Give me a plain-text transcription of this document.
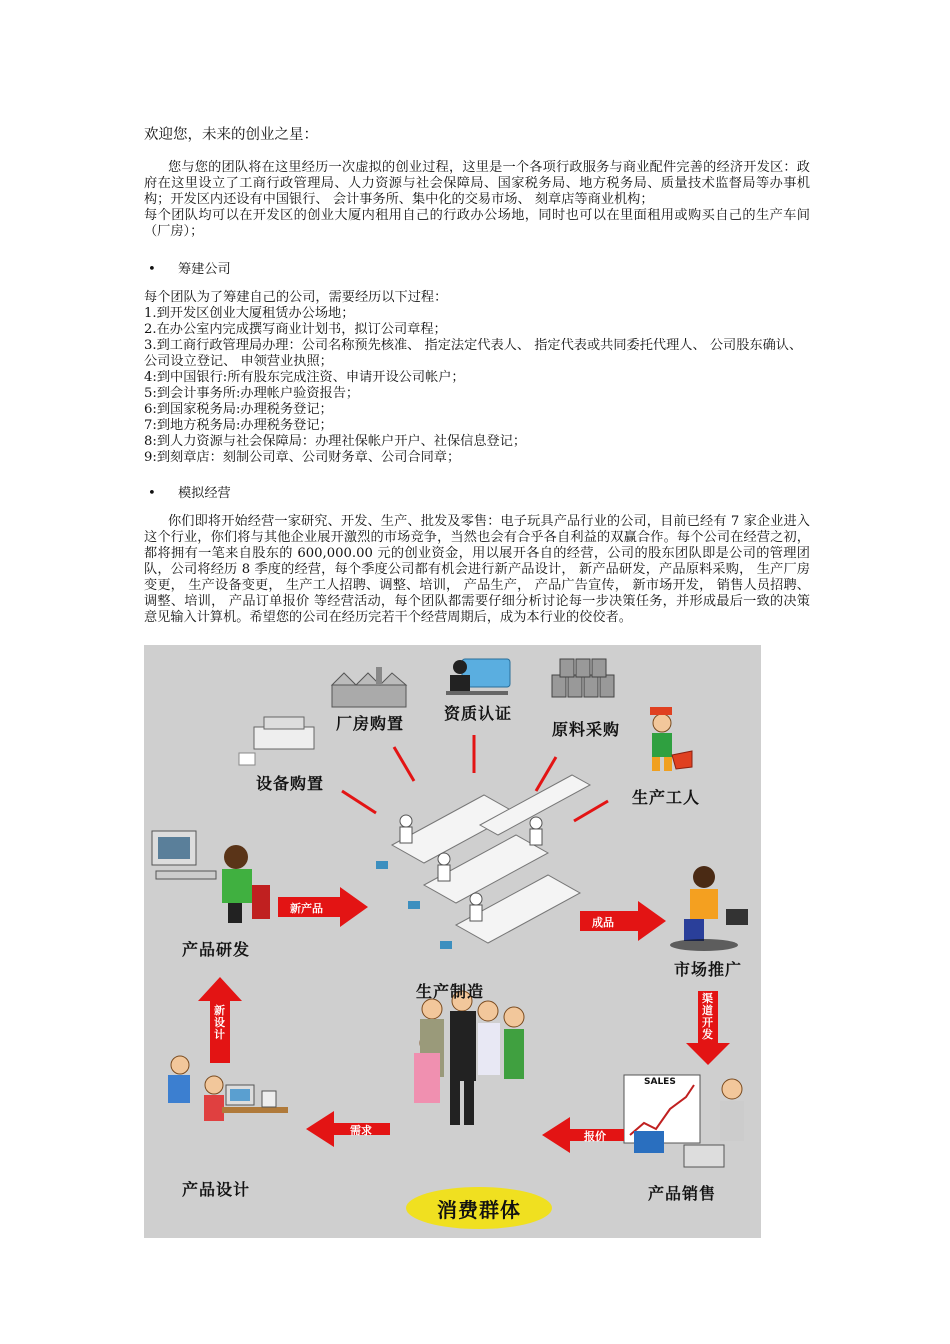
欢迎您，未来的创业之星：

您与您的团队将在这里经历一次虚拟的创业过程，这里是一个各项行政服务与商业配件完善的经济开发区：政府在这里设立了工商行政管理局、人力资源与社会保障局、国家税务局、地方税务局、质量技术监督局等办事机构；开发区内还设有中国银行、 会计事务所、集中化的交易市场、 刻章店等商业机构；

每个团队均可以在开发区的创业大厦内租用自己的行政办公场地，同时也可以在里面租用或购买自己的生产车间（厂房）；

• 筹建公司
每个团队为了筹建自己的公司，需要经历以下过程：
1.到开发区创业大厦租赁办公场地；
2.在办公室内完成撰写商业计划书，拟订公司章程；
3.到工商行政管理局办理：公司名称预先核准、 指定法定代表人、 指定代表或共同委托代理人、 公司股东确认、 公司设立登记、 申领营业执照；
4:到中国银行:所有股东完成注资、申请开设公司帐户；
5:到会计事务所:办理帐户验资报告；
6:到国家税务局:办理税务登记；
7:到地方税务局:办理税务登记；
8:到人力资源与社会保障局：办理社保帐户开户、社保信息登记；
9:到刻章店：刻制公司章、公司财务章、公司合同章；
• 模拟经营

你们即将开始经营一家研究、开发、生产、批发及零售：电子玩具产品行业的公司，目前已经有 7 家企业进入这个行业，你们将与其他企业展开激烈的市场竞争，当然也会有合乎各自利益的双赢合作。每个公司在经营之初，都将拥有一笔来自股东的 600,000.00 元的创业资金，用以展开各自的经营，公司的股东团队即是公司的管理团队，公司将经历 8 季度的经营，每个季度公司都有机会进行新产品设计， 新产品研发，产品原料采购， 生产厂房变更， 生产设备变更， 生产工人招聘、调整、培训， 产品生产， 产品广告宣传， 新市场开发， 销售人员招聘、调整、培训， 产品订单报价 等经营活动，每个团队都需要仔细分析讨论每一步决策任务，并形成最后一致的决策意见输入计算机。希望您的公司在经历完若干个经营周期后，成为本行业的佼佼者。

设备购置
厂房购置
资质认证
原料采购
生产工人
产品研发
生产制造
市场推广
产品设计	产品销售
消费群体
新产品
成品
渠道开发
新设计
需求	报价
SALES
